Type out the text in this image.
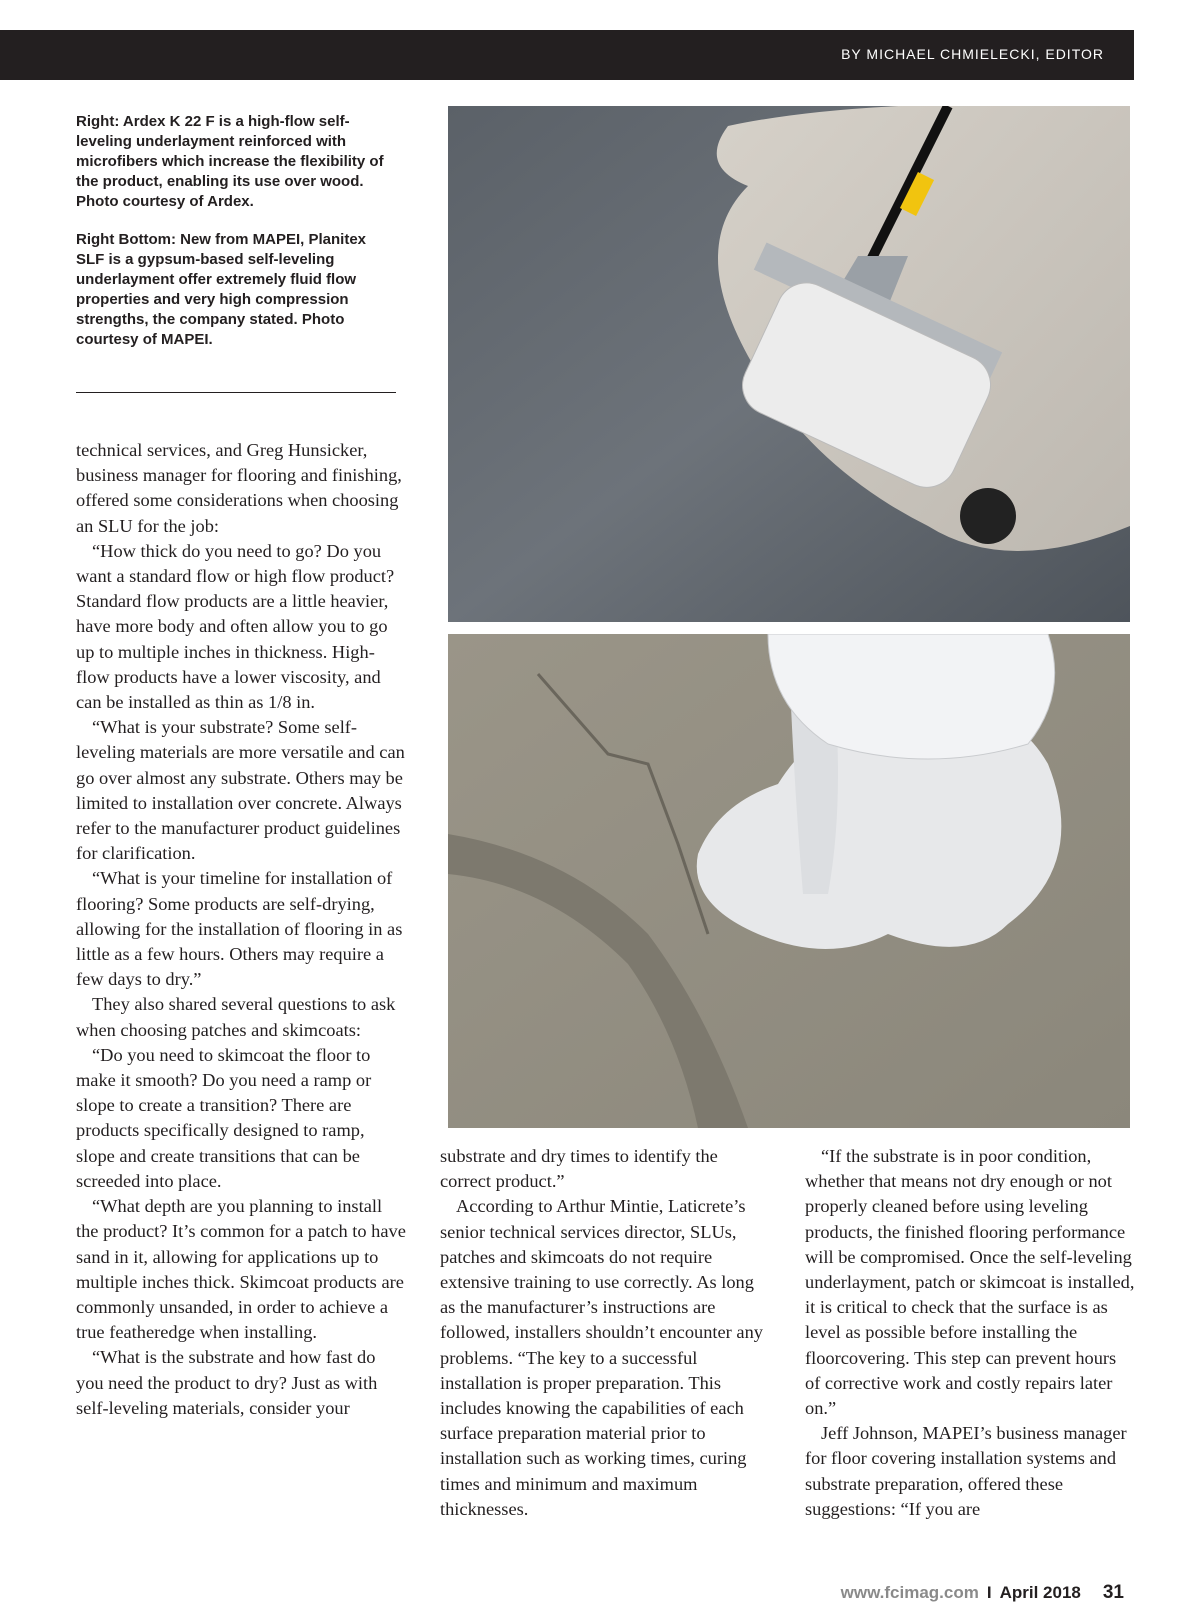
BY MICHAEL CHMIELECKI, EDITOR

Right: Ardex K 22 F is a high-flow self-leveling underlayment reinforced with microfibers which increase the flexibility of the product, enabling its use over wood. Photo courtesy of Ardex.

Right Bottom: New from MAPEI, Planitex SLF is a gypsum-based self-leveling underlayment offer extremely fluid flow properties and very high compression strengths, the company stated. Photo courtesy of MAPEI.

technical services, and Greg Hunsicker, business manager for flooring and finishing, offered some considerations when choosing an SLU for the job:

“How thick do you need to go? Do you want a standard flow or high flow product? Standard flow products are a little heavier, have more body and often allow you to go up to multiple inches in thickness. High-flow products have a lower viscosity, and can be installed as thin as 1/8 in.

“What is your substrate? Some self-leveling materials are more versatile and can go over almost any substrate. Others may be limited to installation over concrete. Always refer to the manufacturer product guidelines for clarification.

“What is your timeline for installation of flooring? Some products are self-drying, allowing for the installation of flooring in as little as a few hours. Others may require a few days to dry.”

They also shared several questions to ask when choosing patches and skimcoats:

“Do you need to skimcoat the floor to make it smooth? Do you need a ramp or slope to create a transition? There are products specifically designed to ramp, slope and create transitions that can be screeded into place.

“What depth are you planning to install the product? It’s common for a patch to have sand in it, allowing for applications up to multiple inches thick. Skimcoat products are commonly unsanded, in order to achieve a true featheredge when installing.

“What is the substrate and how fast do you need the product to dry? Just as with self-leveling materials, consider your

substrate and dry times to identify the correct product.”

According to Arthur Mintie, Laticrete’s senior technical services director, SLUs, patches and skimcoats do not require extensive training to use correctly. As long as the manufacturer’s instructions are followed, installers shouldn’t encounter any problems. “The key to a successful installation is proper preparation. This includes knowing the capabilities of each surface preparation material prior to installation such as working times, curing times and minimum and maximum thicknesses.

“If the substrate is in poor condition, whether that means not dry enough or not properly cleaned before using leveling products, the finished flooring performance will be compromised. Once the self-leveling underlayment, patch or skimcoat is installed, it is critical to check that the surface is as level as possible before installing the floorcovering. This step can prevent hours of corrective work and costly repairs later on.”

Jeff Johnson, MAPEI’s business manager for floor covering installation systems and substrate preparation, offered these suggestions: “If you are

www.fcimag.com I April 2018 31
